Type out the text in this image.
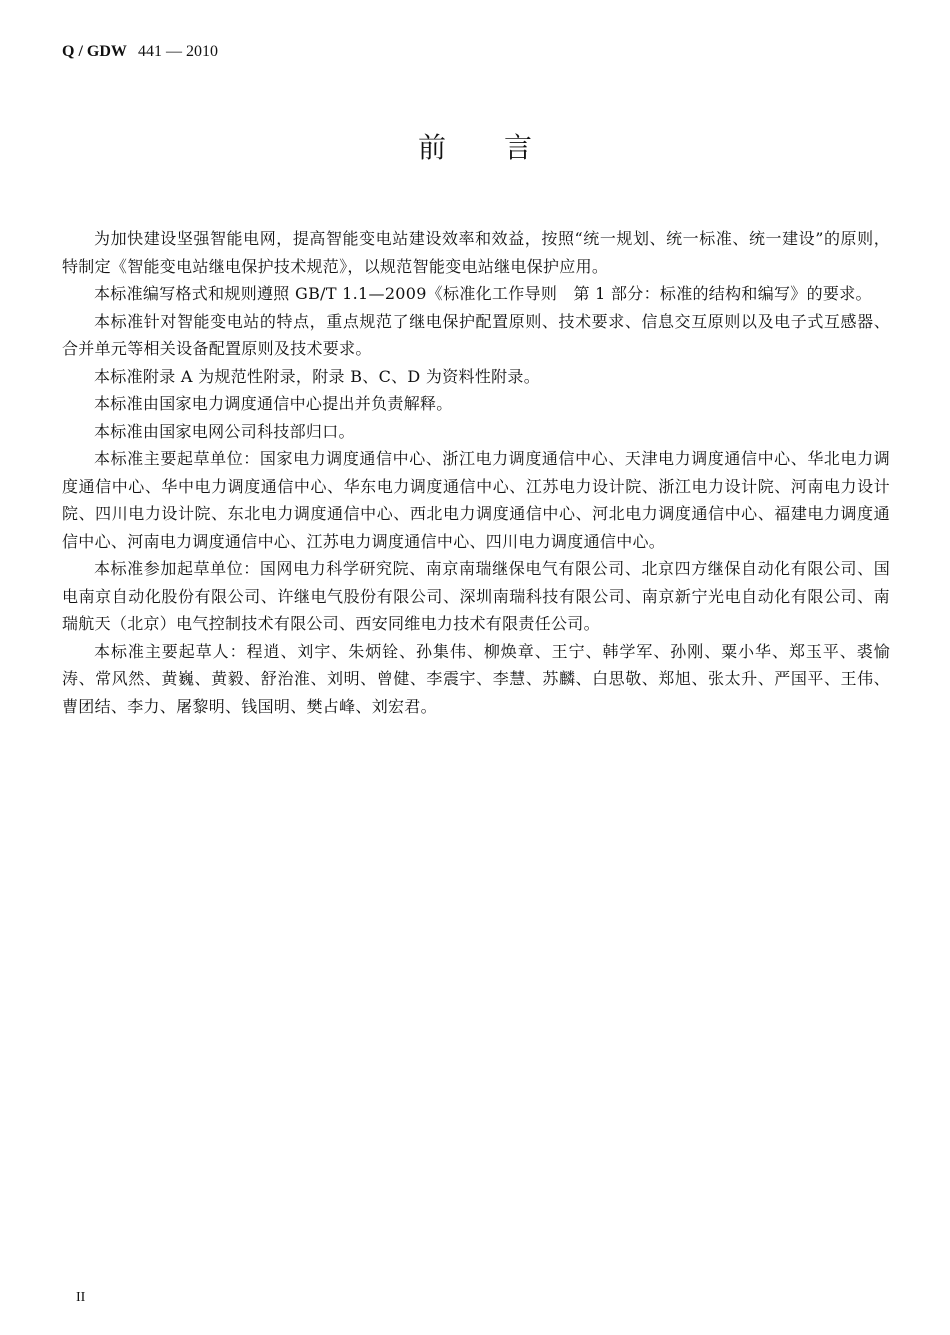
Q / GDW 441 — 2010
前言

为加快建设坚强智能电网，提高智能变电站建设效率和效益，按照“统一规划、统一标准、统一建设”的原则，特制定《智能变电站继电保护技术规范》，以规范智能变电站继电保护应用。

本标准编写格式和规则遵照 GB/T 1.1—2009《标准化工作导则　第 1 部分：标准的结构和编写》的要求。

本标准针对智能变电站的特点，重点规范了继电保护配置原则、技术要求、信息交互原则以及电子式互感器、合并单元等相关设备配置原则及技术要求。

本标准附录 A 为规范性附录，附录 B、C、D 为资料性附录。

本标准由国家电力调度通信中心提出并负责解释。

本标准由国家电网公司科技部归口。

本标准主要起草单位：国家电力调度通信中心、浙江电力调度通信中心、天津电力调度通信中心、华北电力调度通信中心、华中电力调度通信中心、华东电力调度通信中心、江苏电力设计院、浙江电力设计院、河南电力设计院、四川电力设计院、东北电力调度通信中心、西北电力调度通信中心、河北电力调度通信中心、福建电力调度通信中心、河南电力调度通信中心、江苏电力调度通信中心、四川电力调度通信中心。

本标准参加起草单位：国网电力科学研究院、南京南瑞继保电气有限公司、北京四方继保自动化有限公司、国电南京自动化股份有限公司、许继电气股份有限公司、深圳南瑞科技有限公司、南京新宁光电自动化有限公司、南瑞航天（北京）电气控制技术有限公司、西安同维电力技术有限责任公司。

本标准主要起草人：程逍、刘宇、朱炳铨、孙集伟、柳焕章、王宁、韩学军、孙刚、粟小华、郑玉平、裘愉涛、常风然、黄巍、黄毅、舒治淮、刘明、曾健、李震宇、李慧、苏麟、白思敬、郑旭、张太升、严国平、王伟、曹团结、李力、屠黎明、钱国明、樊占峰、刘宏君。

II
